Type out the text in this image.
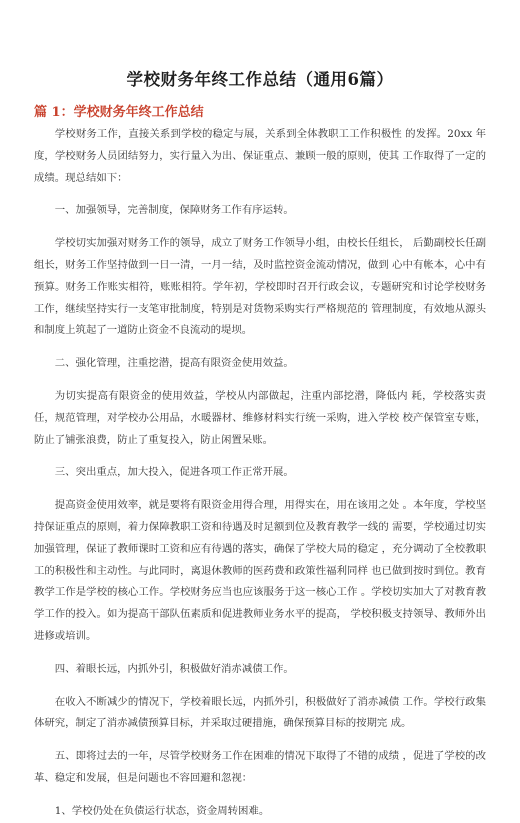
学校财务年终工作总结（通用6篇）
篇 1：学校财务年终工作总结

学校财务工作，直接关系到学校的稳定与展，关系到全体教职工工作积极性 的发挥。20xx 年度，学校财务人员团结努力，实行量入为出、保证重点、兼顾一般的原则，使其 工作取得了一定的成绩。现总结如下：

一、加强领导，完善制度，保障财务工作有序运转。

学校切实加强对财务工作的领导，成立了财务工作领导小组，由校长任组长， 后勤副校长任副组长，财务工作坚持做到一日一清，一月一结，及时监控资金流动情况，做到 心中有帐本，心中有预算。财务工作账实相符，账账相符。学年初，学校即时召开行政会议，专题研究和讨论学校财务工作，继续坚持实行一支笔审批制度，特别是对货物采购实行严格规范的 管理制度，有效地从源头和制度上筑起了一道防止资金不良流动的堤坝。

二、强化管理，注重挖潜，提高有限资金使用效益。

为切实提高有限资金的使用效益，学校从内部做起，注重内部挖潜，降低内 耗，学校落实责任，规范管理，对学校办公用品，水暖器材、维修材料实行统一采购，进入学校 校产保管室专账，防止了铺张浪费，防止了重复投入，防止闲置呆账。

三、突出重点，加大投入，促进各项工作正常开展。

提高资金使用效率，就是要将有限资金用得合理，用得实在，用在该用之处 。本年度，学校坚持保证重点的原则，着力保障教职工资和待遇及时足额到位及教育教学一线的 需要，学校通过切实加强管理，保证了教师课时工资和应有待遇的落实，确保了学校大局的稳定 ，充分调动了全校教职工的积极性和主动性。与此同时，离退休教师的医药费和政策性福利同样 也已做到按时到位。教育教学工作是学校的核心工作。学校财务应当也应该服务于这一核心工作 。学校切实加大了对教育教学工作的投入。如为提高干部队伍素质和促进教师业务水平的提高， 学校积极支持领导、教师外出进修或培训。

四、着眼长远，内抓外引，积极做好消赤减债工作。

在收入不断减少的情况下，学校着眼长远，内抓外引，积极做好了消赤减债 工作。学校行政集体研究，制定了消赤减债预算目标，并采取过硬措施，确保预算目标的按期完 成。

五、即将过去的一年，尽管学校财务工作在困难的情况下取得了不错的成绩 ，促进了学校的改革、稳定和发展，但是问题也不容回避和忽视：

1、学校仍处在负债运行状态，资金周转困难。
